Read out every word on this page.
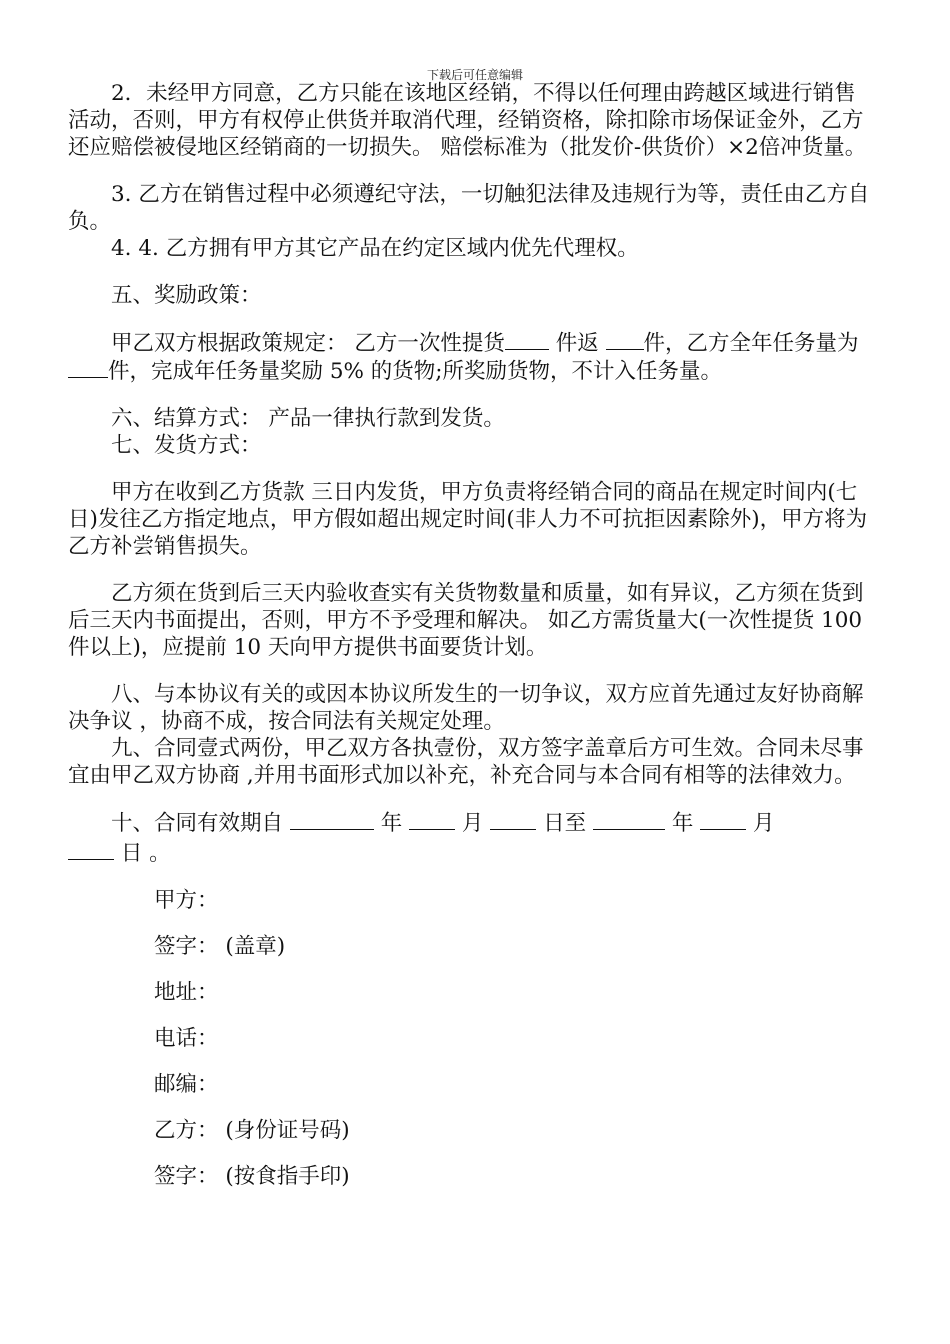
下载后可任意编辑

2．未经甲方同意，乙方只能在该地区经销，不得以任何理由跨越区域进行销售活动，否则，甲方有权停止供货并取消代理，经销资格，除扣除市场保证金外，乙方还应赔偿被侵地区经销商的一切损失。 赔偿标准为（批发价-供货价）×2倍冲货量。

3. 乙方在销售过程中必须遵纪守法，一切触犯法律及违规行为等，责任由乙方自负。

4. 4. 乙方拥有甲方其它产品在约定区域内优先代理权。

五、奖励政策：

甲乙双方根据政策规定： 乙方一次性提货 件返 件，乙方全年任务量为件，完成年任务量奖励 5% 的货物;所奖励货物，不计入任务量。

六、结算方式： 产品一律执行款到发货。

七、发货方式：

甲方在收到乙方货款 三日内发货，甲方负责将经销合同的商品在规定时间内(七日)发往乙方指定地点，甲方假如超出规定时间(非人力不可抗拒因素除外)，甲方将为乙方补尝销售损失。

乙方须在货到后三天内验收查实有关货物数量和质量，如有异议，乙方须在货到后三天内书面提出，否则，甲方不予受理和解决。 如乙方需货量大(一次性提货 100 件以上)，应提前 10 天向甲方提供书面要货计划。

八、与本协议有关的或因本协议所发生的一切争议，双方应首先通过友好协商解决争议 ，协商不成，按合同法有关规定处理。

九、合同壹式两份，甲乙双方各执壹份，双方签字盖章后方可生效。合同未尽事宜由甲乙双方协商 ,并用书面形式加以补充，补充合同与本合同有相等的法律效力。

十、合同有效期自	年	月	日至	年	月
日 。

甲方：

签字： (盖章)

地址：

电话：

邮编：

乙方： (身份证号码)

签字： (按食指手印)
